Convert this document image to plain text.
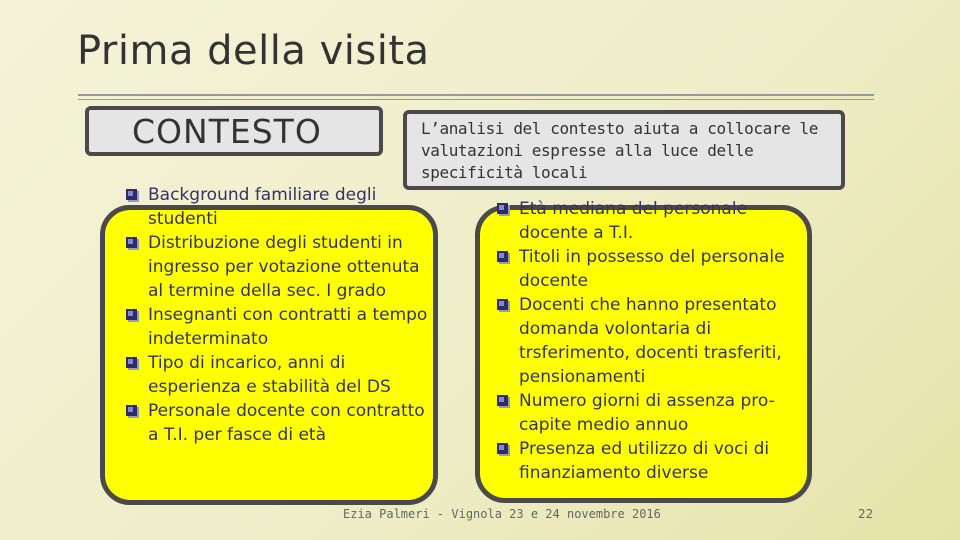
Prima della visita
CONTESTO	L’analisi del contesto aiuta a collocare le valutazioni espresse alla luce delle specificità locali
Background familiare degli studenti
Distribuzione degli studenti in ingresso per votazione ottenuta al termine della sec. I grado
Insegnanti con contratti a tempo indeterminato
Tipo di incarico, anni di esperienza e stabilità del DS
Personale docente con contratto a T.I. per fasce di età
Età mediana del personale docente a T.I.
Titoli in possesso del personale docente
Docenti che hanno presentato domanda volontaria di trsferimento, docenti trasferiti, pensionamenti
Numero giorni di assenza pro-capite medio annuo
Presenza ed utilizzo di voci di finanziamento diverse
Ezia Palmeri - Vignola 23 e 24 novembre 2016	22
